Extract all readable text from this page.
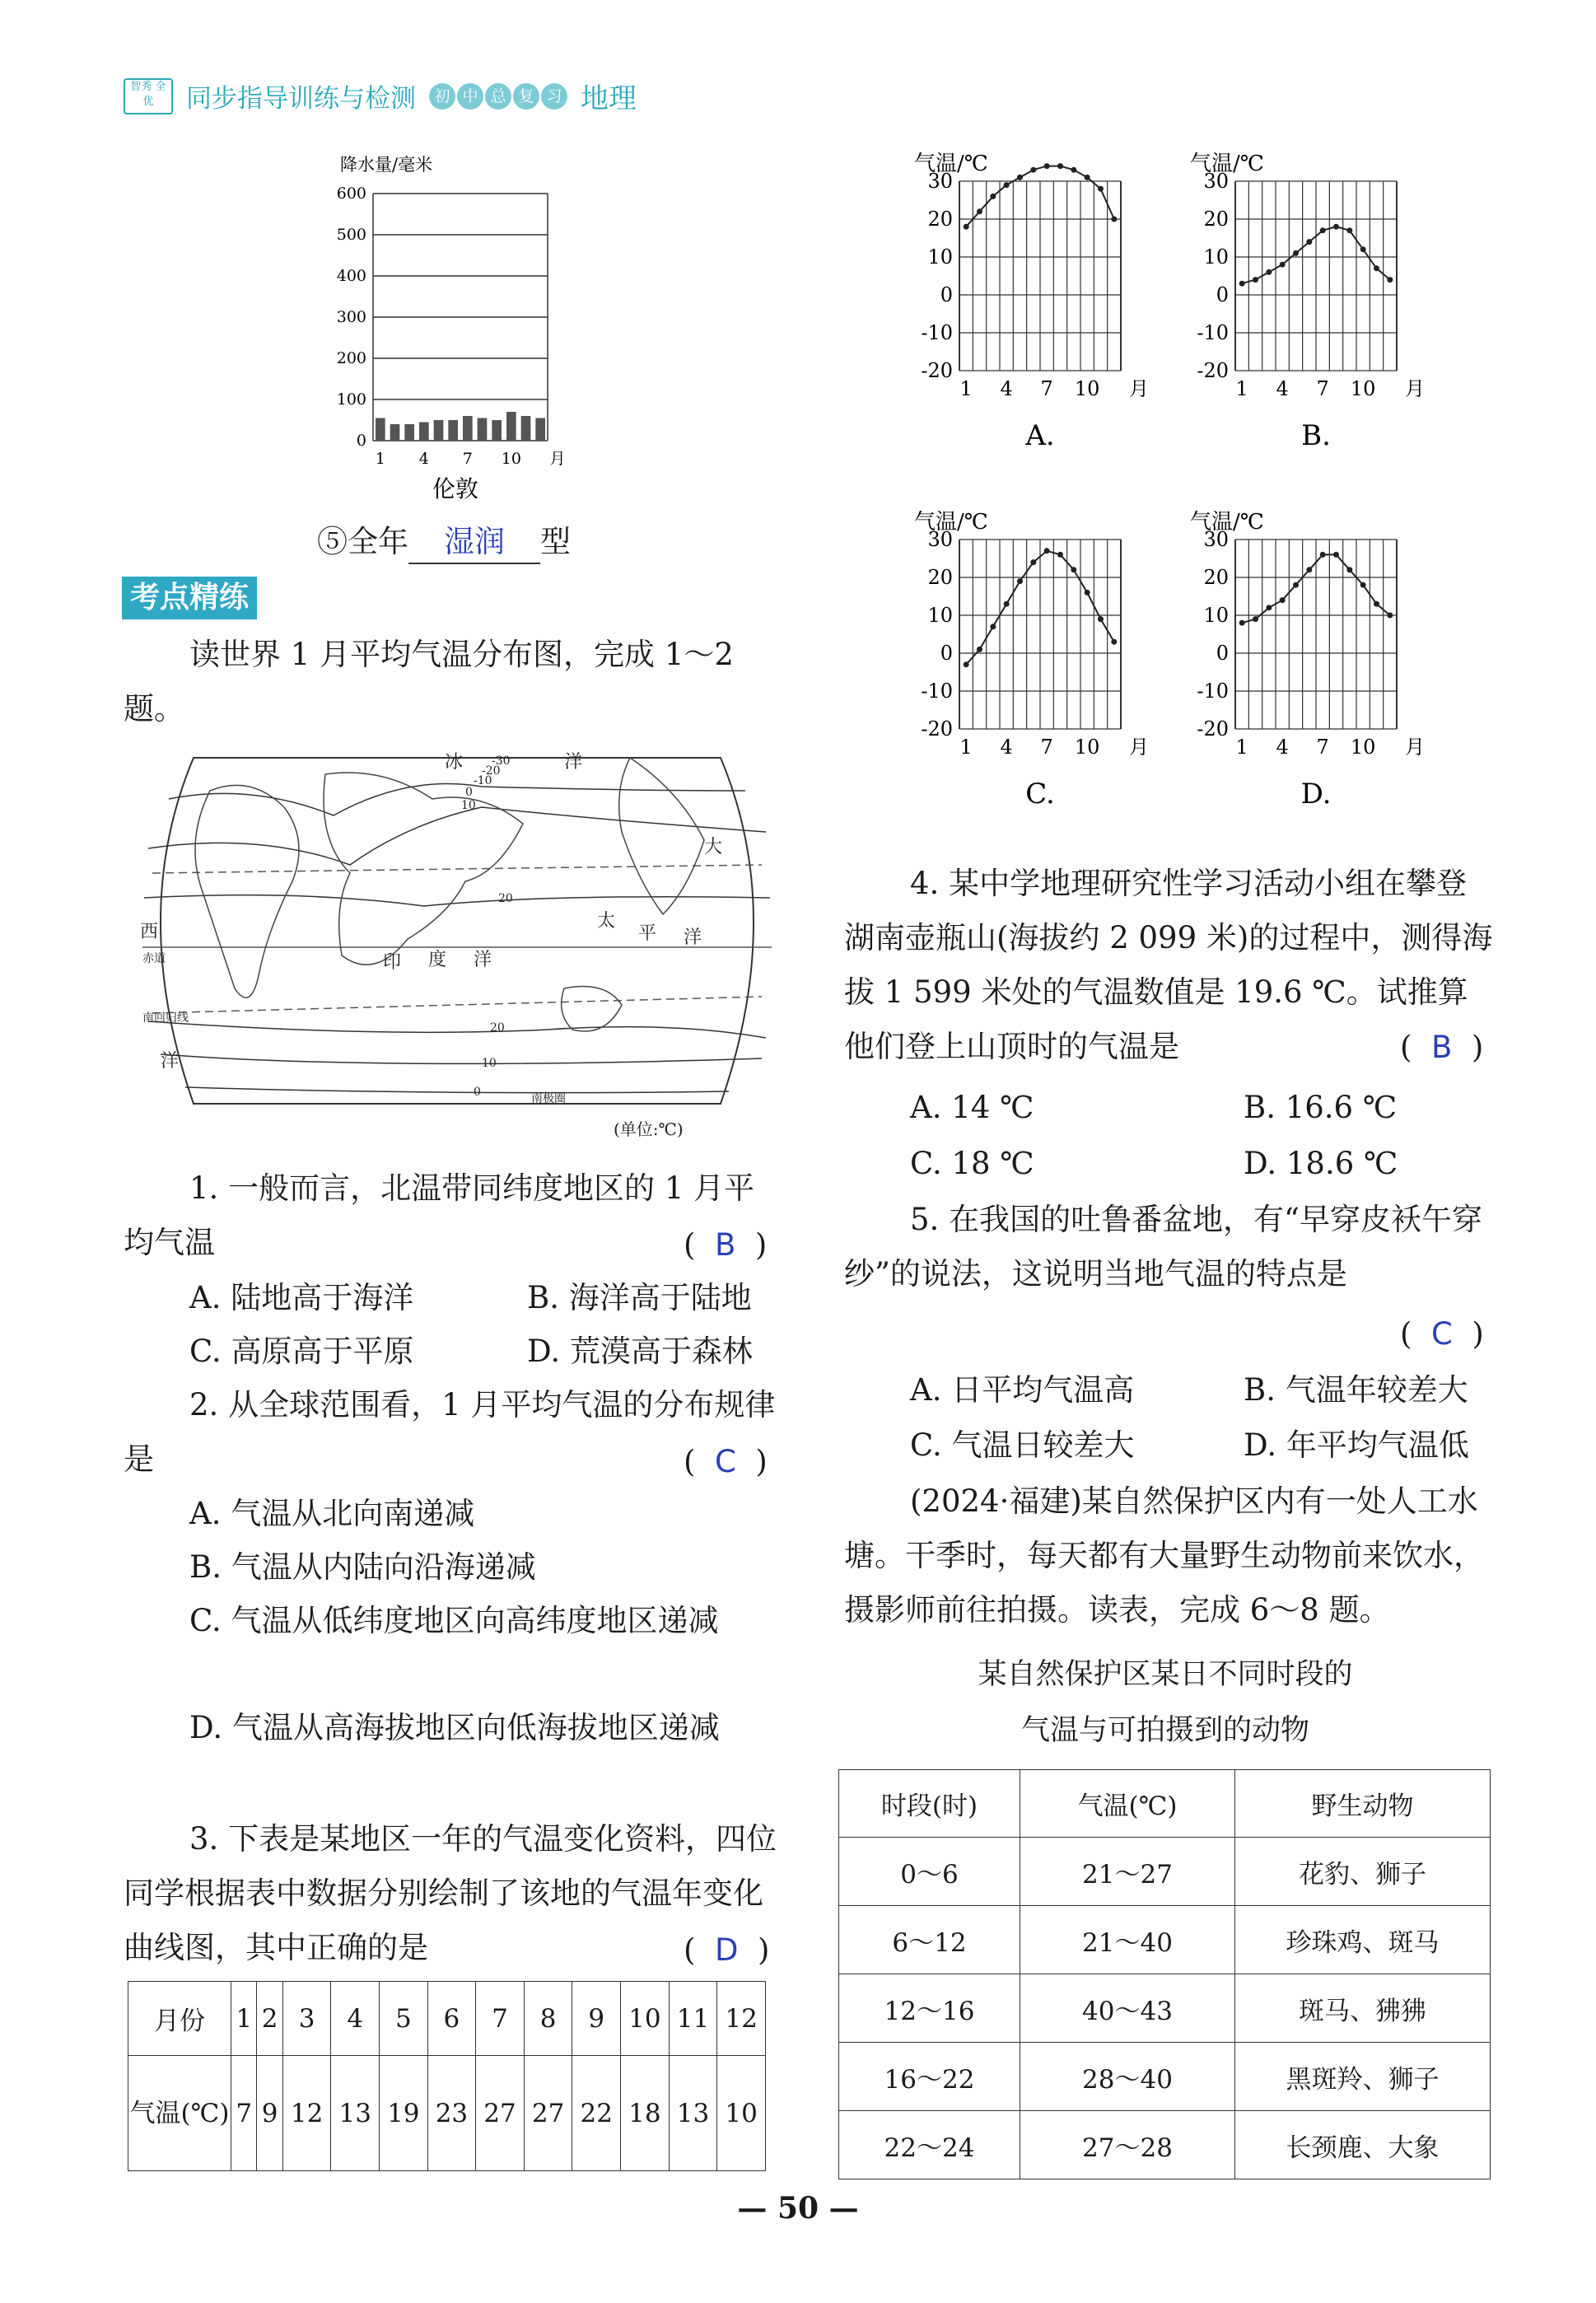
智秀 全优	同步指导训练与检测	初 中 总 复 习 地理
降水量/毫米
600
500
400
300
200
100
0
1 4 7 10 月
伦敦
⑤全年 湿润 型
考点精练
读世界 1 月平均气温分布图，完成 1～2 题。
冰	洋
大
西
太
平 洋
印 度 洋
赤道
南回归线
洋
南极圈
-30
-20
-10
0
10
20
20
10
0
(单位:℃)
1. 一般而言，北温带同纬度地区的 1 月平均气温	(  B  )
A. 陆地高于海洋	B. 海洋高于陆地
C. 高原高于平原	D. 荒漠高于森林
2. 从全球范围看，1 月平均气温的分布规律是	(  C  )
A. 气温从北向南递减
B. 气温从内陆向沿海递减
C. 气温从低纬度地区向高纬度地区递减
D. 气温从高海拔地区向低海拔地区递减
3. 下表是某地区一年的气温变化资料，四位同学根据表中数据分别绘制了该地的气温年变化曲线图，其中正确的是	(  D  )
月份	1	2	3	4	5	6	7	8	9	10	11	12
气温(℃)	7	9	12	13	19	23	27	27	22	18	13	10
气温/℃
30
20
10
0
-10
-20
1 4 7 10 月
A.
气温/℃
30
20
10
0
-10
-20
1 4 7 10 月
B.
气温/℃
30
20
10
0
-10
-20
1 4 7 10 月
C.
气温/℃
30
20
10
0
-10
-20
1 4 7 10 月
D.
4. 某中学地理研究性学习活动小组在攀登湖南壶瓶山(海拔约 2 099 米)的过程中，测得海拔 1 599 米处的气温数值是 19.6 ℃。试推算他们登上山顶时的气温是	(  B  )
A. 14 ℃	B. 16.6 ℃
C. 18 ℃	D. 18.6 ℃
5. 在我国的吐鲁番盆地，有“早穿皮袄午穿纱”的说法，这说明当地气温的特点是
(  C  )
A. 日平均气温高	B. 气温年较差大
C. 气温日较差大	D. 年平均气温低
(2024·福建)某自然保护区内有一处人工水塘。干季时，每天都有大量野生动物前来饮水，摄影师前往拍摄。读表，完成 6～8 题。
某自然保护区某日不同时段的
气温与可拍摄到的动物
时段(时)	气温(℃)	野生动物
0～6	21～27	花豹、狮子
6～12	21～40	珍珠鸡、斑马
12～16	40～43	斑马、狒狒
16～22	28～40	黑斑羚、狮子
22～24	27～28	长颈鹿、大象
— 50 —
